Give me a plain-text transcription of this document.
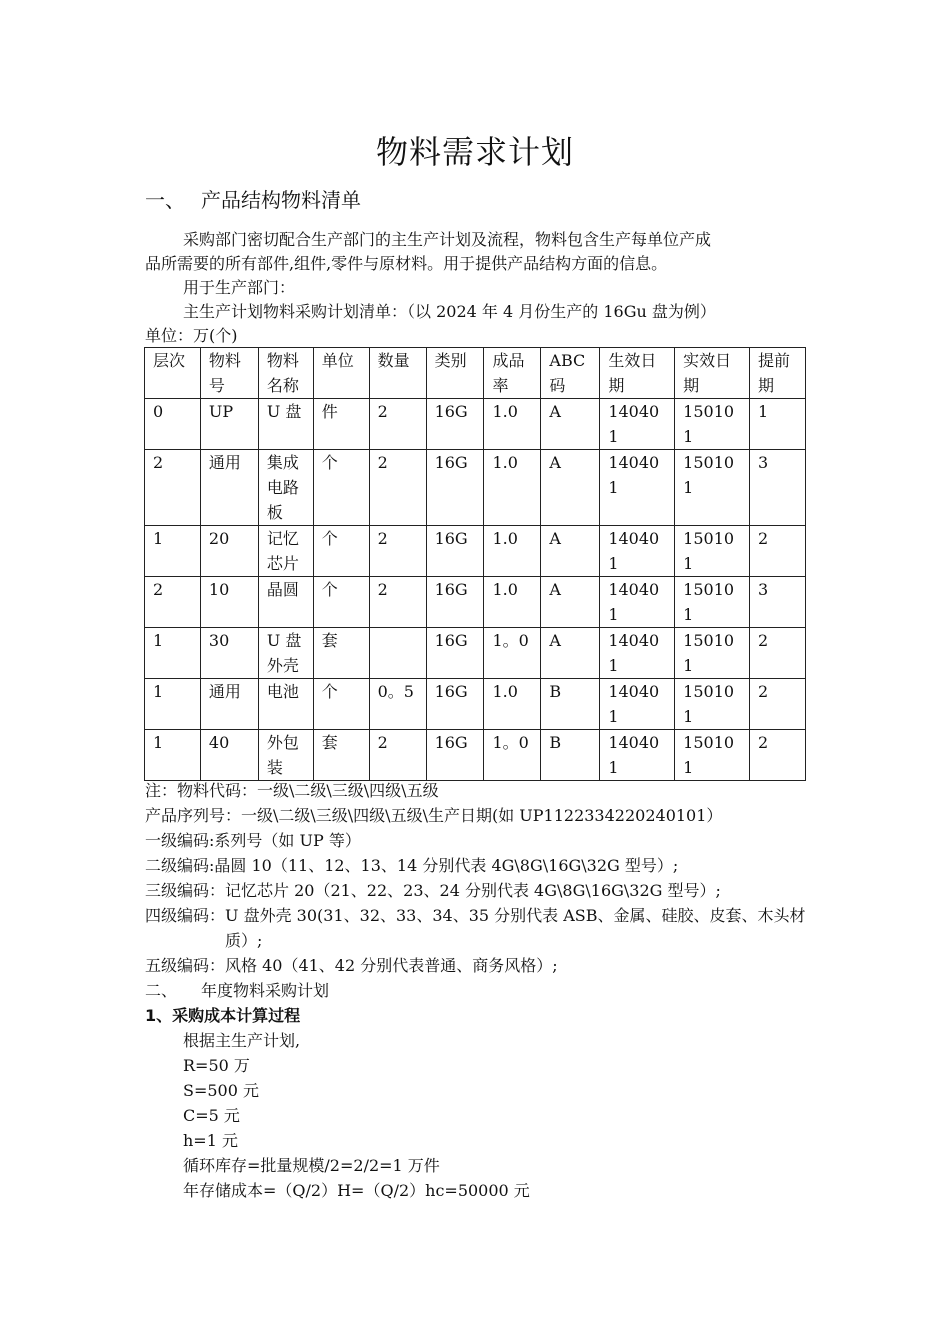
物料需求计划
一、 产品结构物料清单
采购部门密切配合生产部门的主生产计划及流程，物料包含生产每单位产成
品所需要的所有部件,组件,零件与原材料。用于提供产品结构方面的信息。
用于生产部门：
主生产计划物料采购计划清单：（以 2024 年 4 月份生产的 16Gu 盘为例）
单位：万(个)
层次	物料号	物料名称	单位	数量	类别	成品率	ABC码	生效日期	实效日期	提前期
0	UP	U 盘	件	2	16G	1.0	A	140401	150101	1
2	通用	集成电路板	个	2	16G	1.0	A	140401	150101	3
1	20	记忆芯片	个	2	16G	1.0	A	140401	150101	2
2	10	晶圆	个	2	16G	1.0	A	140401	150101	3
1	30	U 盘外壳	套		16G	1。0	A	140401	150101	2
1	通用	电池	个	0。5	16G	1.0	B	140401	150101	2
1	40	外包装	套	2	16G	1。0	B	140401	150101	2
注：物料代码：一级\二级\三级\四级\五级
产品序列号：一级\二级\三级\四级\五级\生产日期(如 UP1122334220240101）
一级编码:系列号（如 UP 等）
二级编码:晶圆 10（11、12、13、14 分别代表 4G\8G\16G\32G 型号）;
三级编码：记忆芯片 20（21、22、23、24 分别代表 4G\8G\16G\32G 型号）;
四级编码： U 盘外壳 30(31、32、33、34、35 分别代表 ASB、金属、硅胶、皮套、木头材质）;
五级编码：风格 40（41、42 分别代表普通、商务风格）;
二、 年度物料采购计划
1、采购成本计算过程
根据主生产计划,
R=50 万
S=500 元
C=5 元
h=1 元
循环库存=批量规模/2=2/2=1 万件
年存储成本=（Q/2）H=（Q/2）hc=50000 元
